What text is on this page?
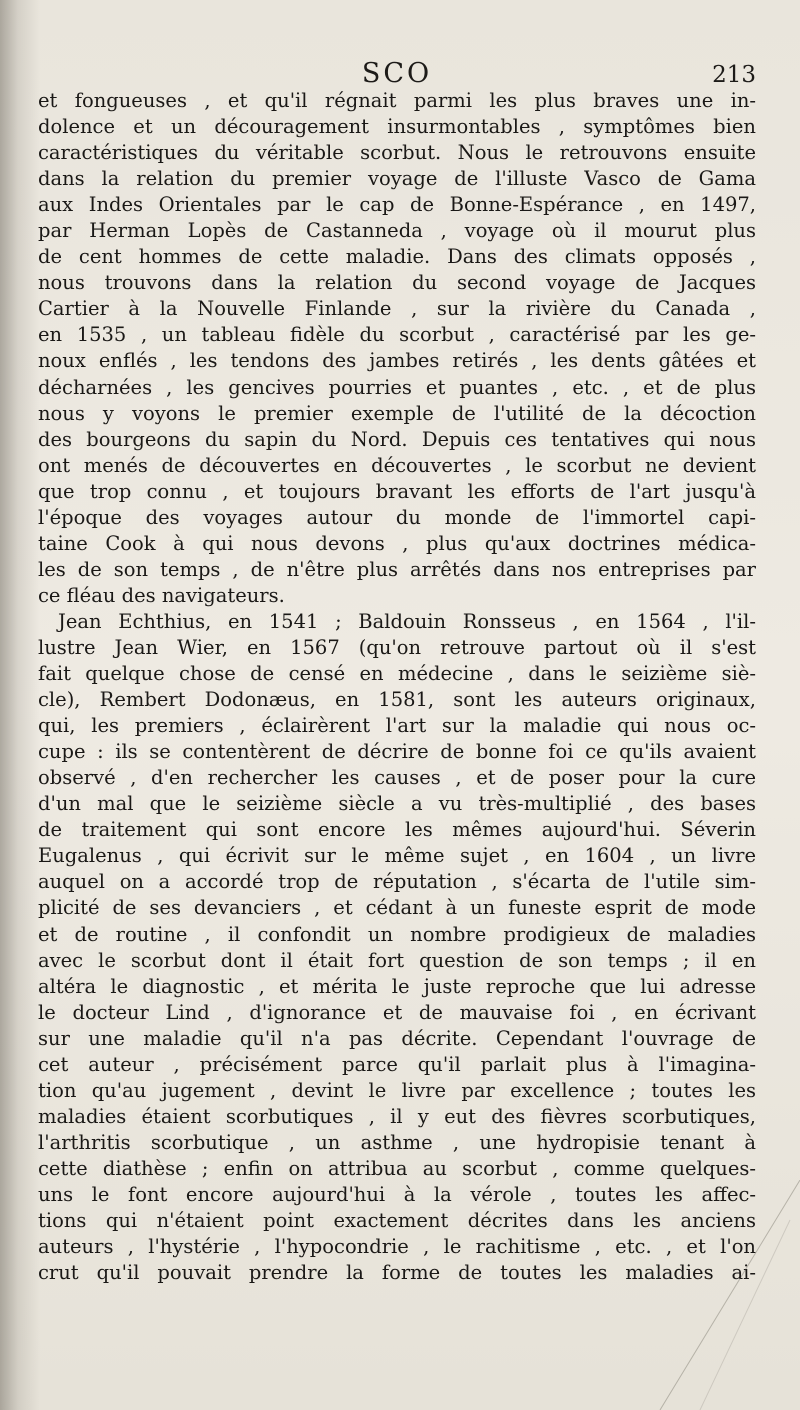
SCO	213
et fongueuses , et qu'il régnait parmi les plus braves une in-
dolence et un découragement insurmontables , symptômes bien
caractéristiques du véritable scorbut. Nous le retrouvons ensuite
dans la relation du premier voyage de l'illuste Vasco de Gama
aux Indes Orientales par le cap de Bonne-Espérance , en 1497,
par Herman Lopès de Castanneda , voyage où il mourut plus
de cent hommes de cette maladie. Dans des climats opposés ,
nous trouvons dans la relation du second voyage de Jacques
Cartier à la Nouvelle Finlande , sur la rivière du Canada ,
en 1535 , un tableau fidèle du scorbut , caractérisé par les ge-
noux enflés , les tendons des jambes retirés , les dents gâtées et
décharnées , les gencives pourries et puantes , etc. , et de plus
nous y voyons le premier exemple de l'utilité de la décoction
des bourgeons du sapin du Nord. Depuis ces tentatives qui nous
ont menés de découvertes en découvertes , le scorbut ne devient
que trop connu , et toujours bravant les efforts de l'art jusqu'à
l'époque des voyages autour du monde de l'immortel capi-
taine Cook à qui nous devons , plus qu'aux doctrines médica-
les de son temps , de n'être plus arrêtés dans nos entreprises par
ce fléau des navigateurs.
Jean Echthius, en 1541 ; Baldouin Ronsseus , en 1564 , l'il-
lustre Jean Wier, en 1567 (qu'on retrouve partout où il s'est
fait quelque chose de censé en médecine , dans le seizième siè-
cle), Rembert Dodonæus, en 1581, sont les auteurs originaux,
qui, les premiers , éclairèrent l'art sur la maladie qui nous oc-
cupe : ils se contentèrent de décrire de bonne foi ce qu'ils avaient
observé , d'en rechercher les causes , et de poser pour la cure
d'un mal que le seizième siècle a vu très-multiplié , des bases
de traitement qui sont encore les mêmes aujourd'hui. Séverin
Eugalenus , qui écrivit sur le même sujet , en 1604 , un livre
auquel on a accordé trop de réputation , s'écarta de l'utile sim-
plicité de ses devanciers , et cédant à un funeste esprit de mode
et de routine , il confondit un nombre prodigieux de maladies
avec le scorbut dont il était fort question de son temps ; il en
altéra le diagnostic , et mérita le juste reproche que lui adresse
le docteur Lind , d'ignorance et de mauvaise foi , en écrivant
sur une maladie qu'il n'a pas décrite. Cependant l'ouvrage de
cet auteur , précisément parce qu'il parlait plus à l'imagina-
tion qu'au jugement , devint le livre par excellence ; toutes les
maladies étaient scorbutiques , il y eut des fièvres scorbutiques,
l'arthritis scorbutique , un asthme , une hydropisie tenant à
cette diathèse ; enfin on attribua au scorbut , comme quelques-
uns le font encore aujourd'hui à la vérole , toutes les affec-
tions qui n'étaient point exactement décrites dans les anciens
auteurs , l'hystérie , l'hypocondrie , le rachitisme , etc. , et l'on
crut qu'il pouvait prendre la forme de toutes les maladies ai-
